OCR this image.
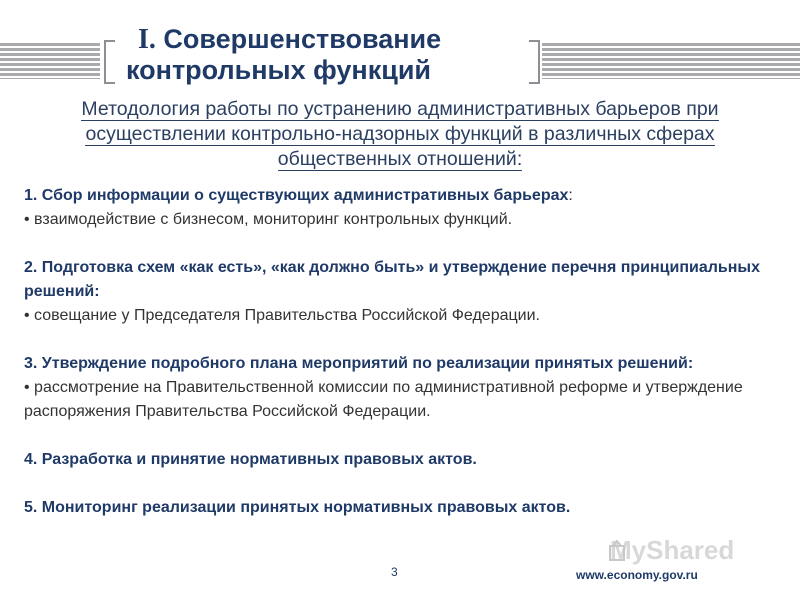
I. Совершенствование
контрольных функций
Методология работы по устранению административных барьеров при
осуществлении контрольно-надзорных функций в различных сферах
общественных отношений:
1. Сбор информации о существующих административных барьерах:
• взаимодействие с бизнесом, мониторинг контрольных функций.
2. Подготовка схем «как есть», «как должно быть» и утверждение перечня принципиальных решений:
• совещание у Председателя Правительства Российской Федерации.
3. Утверждение подробного плана мероприятий по реализации принятых решений:
• рассмотрение на Правительственной комиссии по административной реформе и утверждение распоряжения Правительства Российской Федерации.
4. Разработка и принятие нормативных правовых актов.
5. Мониторинг реализации принятых нормативных правовых актов.
MyShared
3	www.economy.gov.ru
